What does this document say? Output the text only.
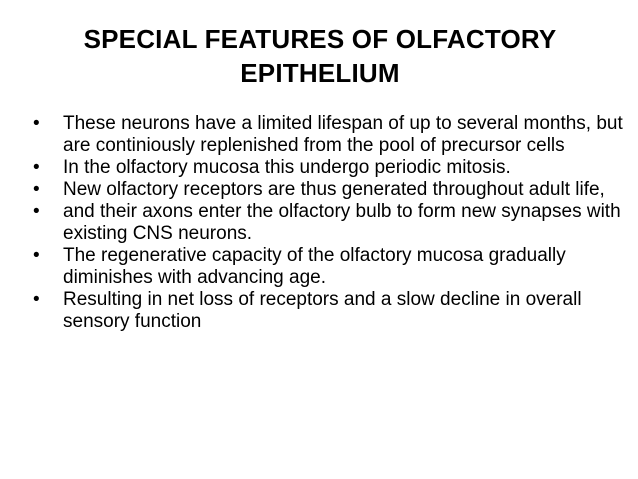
SPECIAL FEATURES OF OLFACTORY
EPITHELIUM
•	These neurons have a limited lifespan of up to several months, but are continiously replenished from the pool of precursor cells
•	In the olfactory mucosa this undergo periodic mitosis.
•	New olfactory receptors are thus generated throughout adult life,
•	and their axons enter the olfactory bulb to form new synapses with existing CNS neurons.
•	The regenerative capacity of the olfactory mucosa gradually diminishes with advancing age.
•	Resulting in net loss of receptors and a slow decline in overall sensory function
